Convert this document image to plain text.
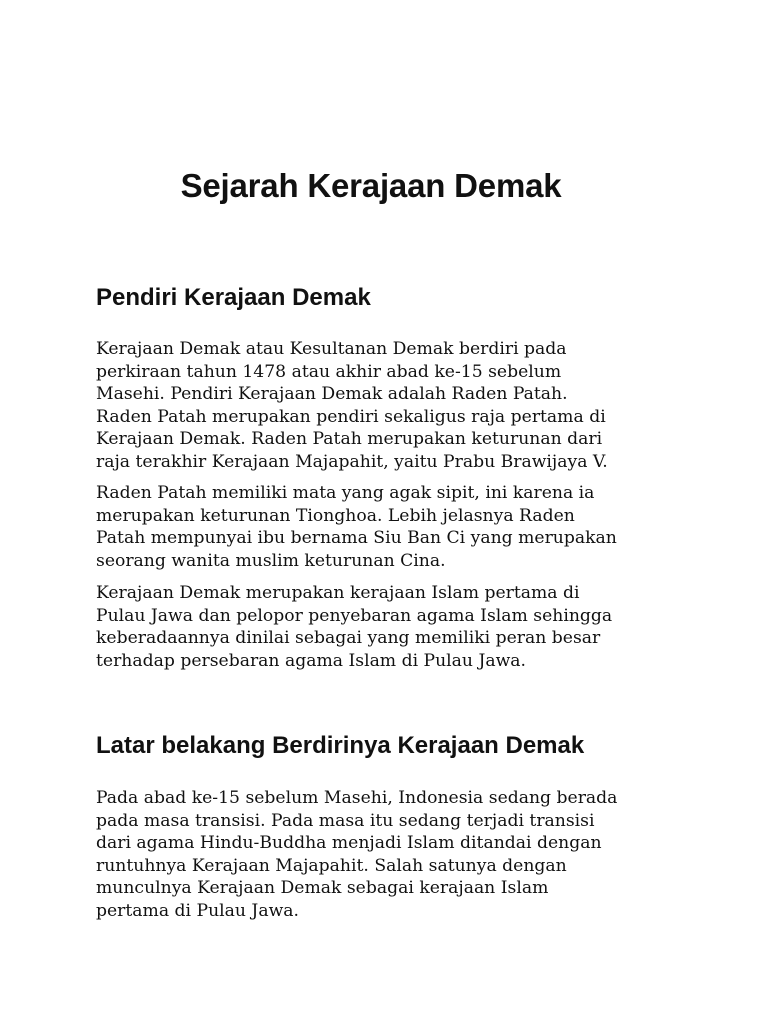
Sejarah Kerajaan Demak
Pendiri Kerajaan Demak

Kerajaan Demak atau Kesultanan Demak berdiri pada
perkiraan tahun 1478 atau akhir abad ke-15 sebelum
Masehi. Pendiri Kerajaan Demak adalah Raden Patah.
Raden Patah merupakan pendiri sekaligus raja pertama di
Kerajaan Demak. Raden Patah merupakan keturunan dari
raja terakhir Kerajaan Majapahit, yaitu Prabu Brawijaya V.

Raden Patah memiliki mata yang agak sipit, ini karena ia
merupakan keturunan Tionghoa. Lebih jelasnya Raden
Patah mempunyai ibu bernama Siu Ban Ci yang merupakan
seorang wanita muslim keturunan Cina.

Kerajaan Demak merupakan kerajaan Islam pertama di
Pulau Jawa dan pelopor penyebaran agama Islam sehingga
keberadaannya dinilai sebagai yang memiliki peran besar
terhadap persebaran agama Islam di Pulau Jawa.

Latar belakang Berdirinya Kerajaan Demak

Pada abad ke-15 sebelum Masehi, Indonesia sedang berada
pada masa transisi. Pada masa itu sedang terjadi transisi
dari agama Hindu-Buddha menjadi Islam ditandai dengan
runtuhnya Kerajaan Majapahit. Salah satunya dengan
munculnya Kerajaan Demak sebagai kerajaan Islam
pertama di Pulau Jawa.
